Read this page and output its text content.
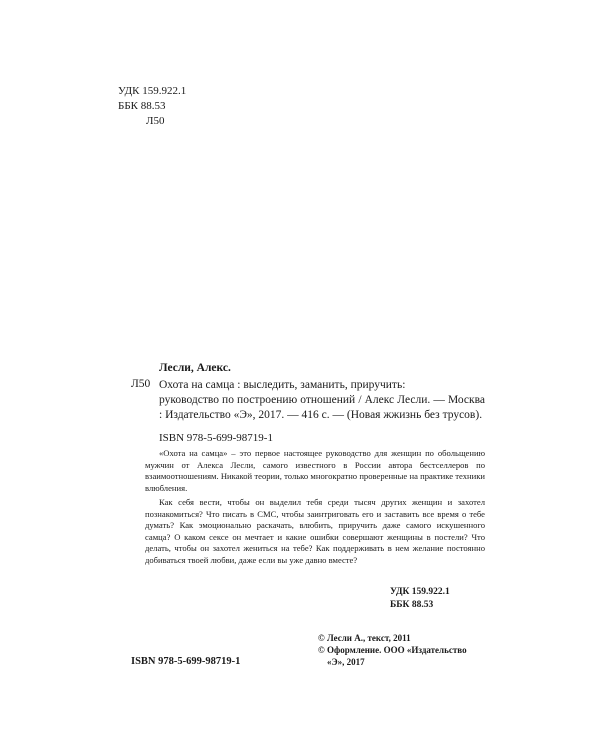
УДК 159.922.1
ББК 88.53
Л50
Лесли, Алекс.
Л50 Охота на самца : выследить, заманить, приручить:
руководство по построению отношений / Алекс Лесли. — Москва : Издательство «Э», 2017. — 416 с. — (Новая жжизнь без трусов).
ISBN 978-5-699-98719-1

«Охота на самца» – это первое настоящее руководство для женщин по обольщению мужчин от Алекса Лесли, самого известного в России автора бестселлеров по взаимоотношениям. Никакой теории, только многократно проверенные на практике техники влюбления.

Как себя вести, чтобы он выделил тебя среди тысяч других женщин и захотел познакомиться? Что писать в СМС, чтобы заинтриговать его и заставить все время о тебе думать? Как эмоционально раскачать, влюбить, приручить даже самого искушенного самца? О каком сексе он мечтает и какие ошибки совершают женщины в постели? Что делать, чтобы он захотел жениться на тебе? Как поддерживать в нем желание постоянно добиваться твоей любви, даже если вы уже давно вместе?

УДК 159.922.1
ББК 88.53
© Лесли А., текст, 2011
© Оформление. ООО «Издательство
«Э», 2017
ISBN 978-5-699-98719-1
